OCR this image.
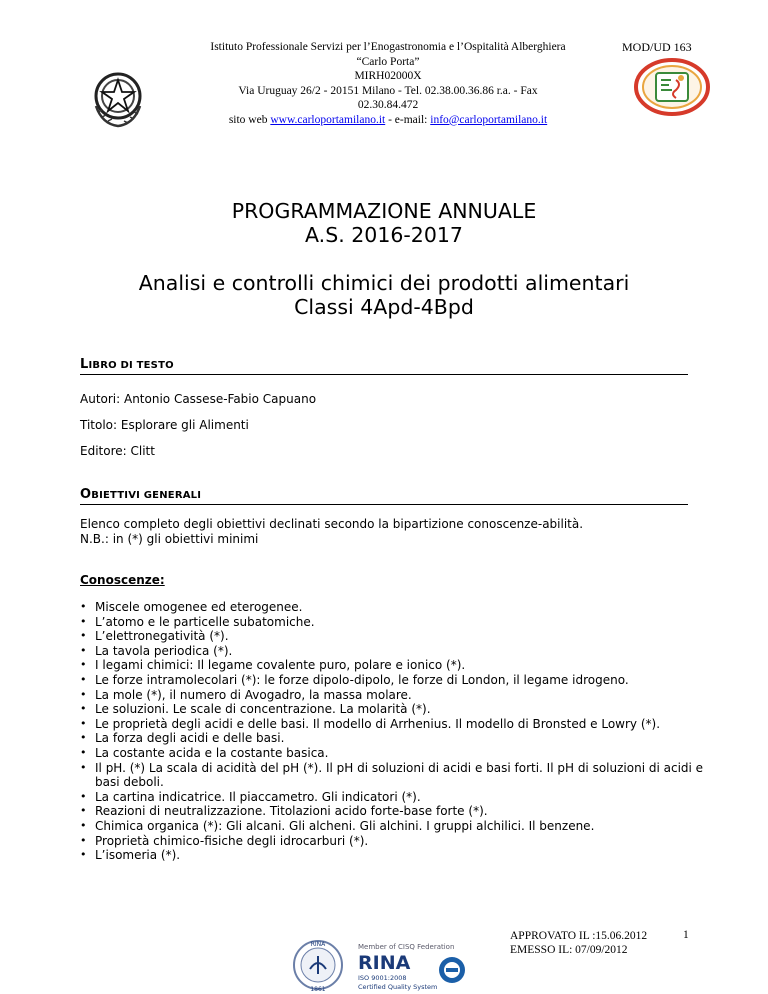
Istituto Professionale Servizi per l’Enogastronomia e l’Ospitalità Alberghiera
“Carlo Porta”
MIRH02000X
Via Uruguay 26/2 - 20151 Milano - Tel. 02.38.00.36.86 r.a. - Fax
02.30.84.472
sito web www.carloportamilano.it - e-mail: info@carloportamilano.it
MOD/UD 163
PROGRAMMAZIONE ANNUALE
A.S. 2016-2017
Analisi e controlli chimici dei prodotti alimentari
Classi 4Apd-4Bpd
LIBRO DI TESTO
Autori: Antonio Cassese-Fabio Capuano
Titolo: Esplorare gli Alimenti
Editore: Clitt
OBIETTIVI GENERALI
Elenco completo degli obiettivi declinati secondo la bipartizione conoscenze-abilità.
N.B.: in (*) gli obiettivi minimi
Conoscenze:
• Miscele omogenee ed eterogenee.
• L’atomo e le particelle subatomiche.
• L’elettronegatività (*).
• La tavola periodica (*).
• I legami chimici: Il legame covalente puro, polare e ionico (*).
• Le forze intramolecolari (*): le forze dipolo-dipolo, le forze di London, il legame idrogeno.
• La mole (*), il numero di Avogadro, la massa molare.
• Le soluzioni. Le scale di concentrazione. La molarità (*).
• Le proprietà degli acidi e delle basi. Il modello di Arrhenius. Il modello di Bronsted e Lowry (*).
• La forza degli acidi e delle basi.
• La costante acida e la costante basica.
• Il pH. (*) La scala di acidità del pH (*). Il pH di soluzioni di acidi e basi forti. Il pH di soluzioni di acidi e basi deboli.
• La cartina indicatrice. Il piaccametro. Gli indicatori (*).
• Reazioni di neutralizzazione. Titolazioni acido forte-base forte (*).
• Chimica organica (*): Gli alcani. Gli alcheni. Gli alchini. I gruppi alchilici. Il benzene.
• Proprietà chimico-fisiche degli idrocarburi (*).
• L’isomeria (*).
APPROVATO IL :15.06.2012
EMESSO IL: 07/09/2012
1
RINA
1861
Member of CISQ Federation
RINA
ISO 9001:2008
Certified Quality System
